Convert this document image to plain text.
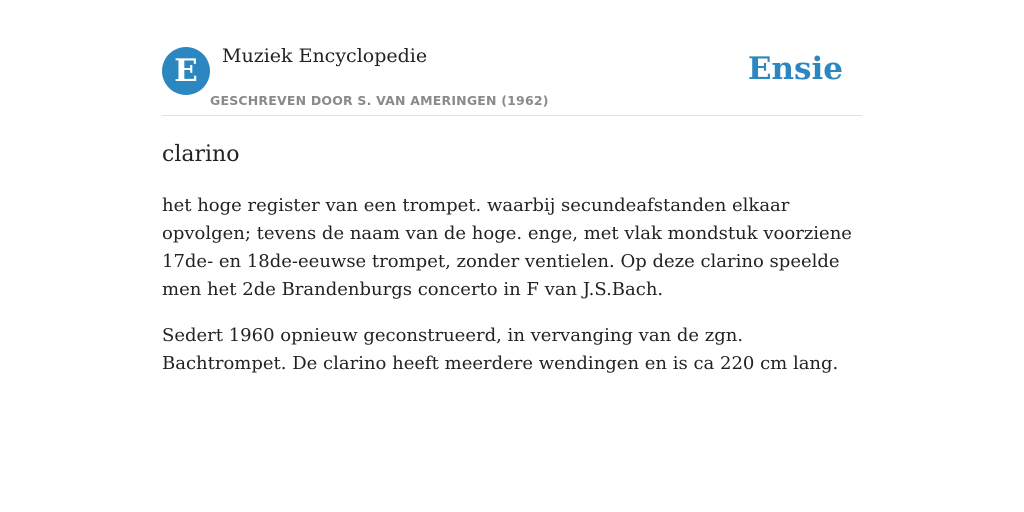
E	Muziek Encyclopedie
GESCHREVEN DOOR S. VAN AMERINGEN (1962)
Ensie
clarino

het hoge register van een trompet. waarbij secundeafstanden elkaar opvolgen; tevens de naam van de hoge. enge, met vlak mondstuk voorziene 17de- en 18de-eeuwse trompet, zonder ventielen. Op deze clarino speelde men het 2de Brandenburgs concerto in F van J.S.Bach.

Sedert 1960 opnieuw geconstrueerd, in vervanging van de zgn. Bachtrompet. De clarino heeft meerdere wendingen en is ca 220 cm lang.
